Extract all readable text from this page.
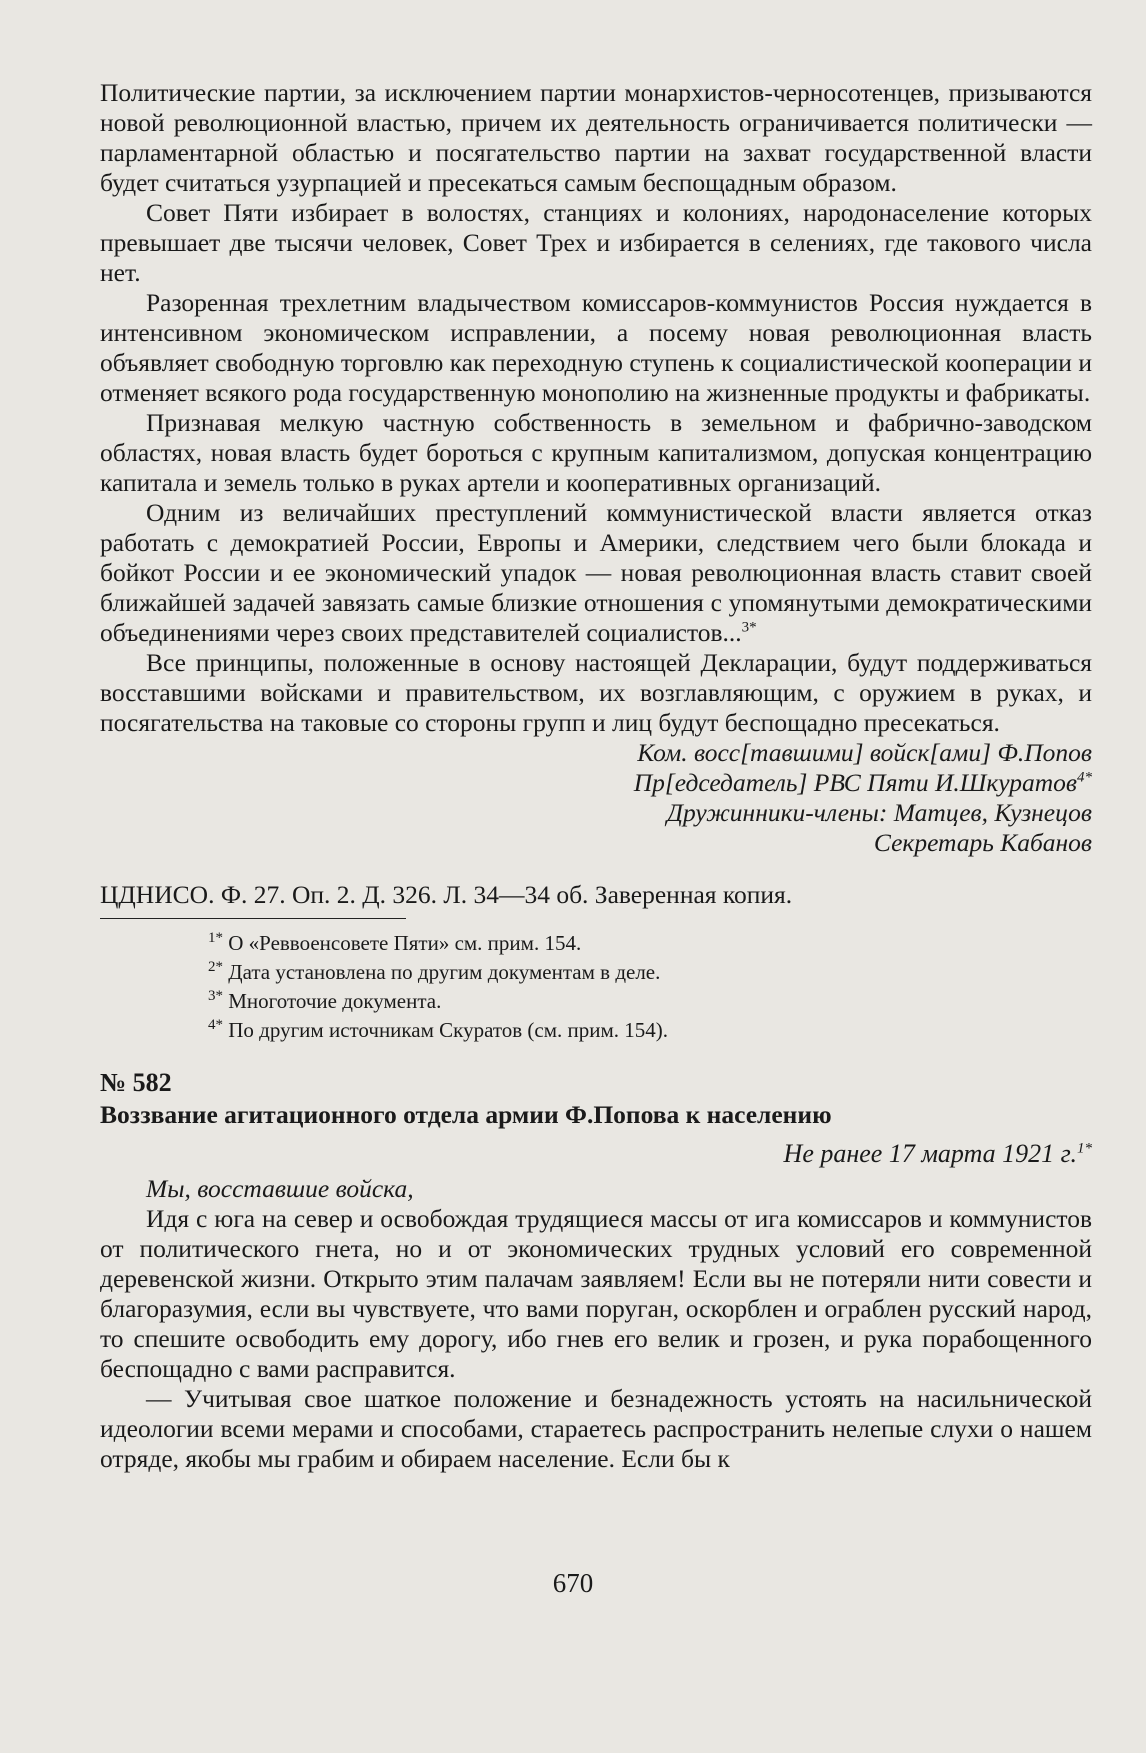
Политические партии, за исключением партии монархистов-черносотенцев, призываются новой революционной властью, причем их деятельность ограничивается политически — парламентарной областью и посягательство партии на захват государственной власти будет считаться узурпацией и пресекаться самым беспощадным образом.

Совет Пяти избирает в волостях, станциях и колониях, народонаселение которых превышает две тысячи человек, Совет Трех и избирается в селениях, где такового числа нет.

Разоренная трехлетним владычеством комиссаров-коммунистов Россия нуждается в интенсивном экономическом исправлении, а посему новая революционная власть объявляет свободную торговлю как переходную ступень к социалистической кооперации и отменяет всякого рода государственную монополию на жизненные продукты и фабрикаты.

Признавая мелкую частную собственность в земельном и фабрично-заводском областях, новая власть будет бороться с крупным капитализмом, допуская концентрацию капитала и земель только в руках артели и кооперативных организаций.

Одним из величайших преступлений коммунистической власти является отказ работать с демократией России, Европы и Америки, следствием чего были блокада и бойкот России и ее экономический упадок — новая революционная власть ставит своей ближайшей задачей завязать самые близкие отношения с упомянутыми демократическими объединениями через своих представителей социалистов...$^{3*}$

Все принципы, положенные в основу настоящей Декларации, будут поддерживаться восставшими войсками и правительством, их возглавляющим, с оружием в руках, и посягательства на таковые со стороны групп и лиц будут беспощадно пресекаться.

Ком. восс[тавшими] войск[ами] Ф.Попов
Пр[едседатель] РВС Пяти И.Шкуратов$^{4*}$
Дружинники-члены: Матцев, Кузнецов
Секретарь Кабанов

ЦДНИСО. Ф. 27. Оп. 2. Д. 326. Л. 34—34 об. Заверенная копия.

$^{1*}$ О «Реввоенсовете Пяти» см. прим. 154.
$^{2*}$ Дата установлена по другим документам в деле.
$^{3*}$ Многоточие документа.
$^{4*}$ По другим источникам Скуратов (см. прим. 154).
№ 582
Воззвание агитационного отдела армии Ф.Попова к населению
Не ранее 17 марта 1921 г.$^{1*}$

Мы, восставшие войска,

Идя с юга на север и освобождая трудящиеся массы от ига комиссаров и коммунистов от политического гнета, но и от экономических трудных условий его современной деревенской жизни. Открыто этим палачам заявляем! Если вы не потеряли нити совести и благоразумия, если вы чувствуете, что вами поруган, оскорблен и ограблен русский народ, то спешите освободить ему дорогу, ибо гнев его велик и грозен, и рука порабощенного беспощадно с вами расправится.

— Учитывая свое шаткое положение и безнадежность устоять на насильнической идеологии всеми мерами и способами, стараетесь распространить нелепые слухи о нашем отряде, якобы мы грабим и обираем население. Если бы к

670
